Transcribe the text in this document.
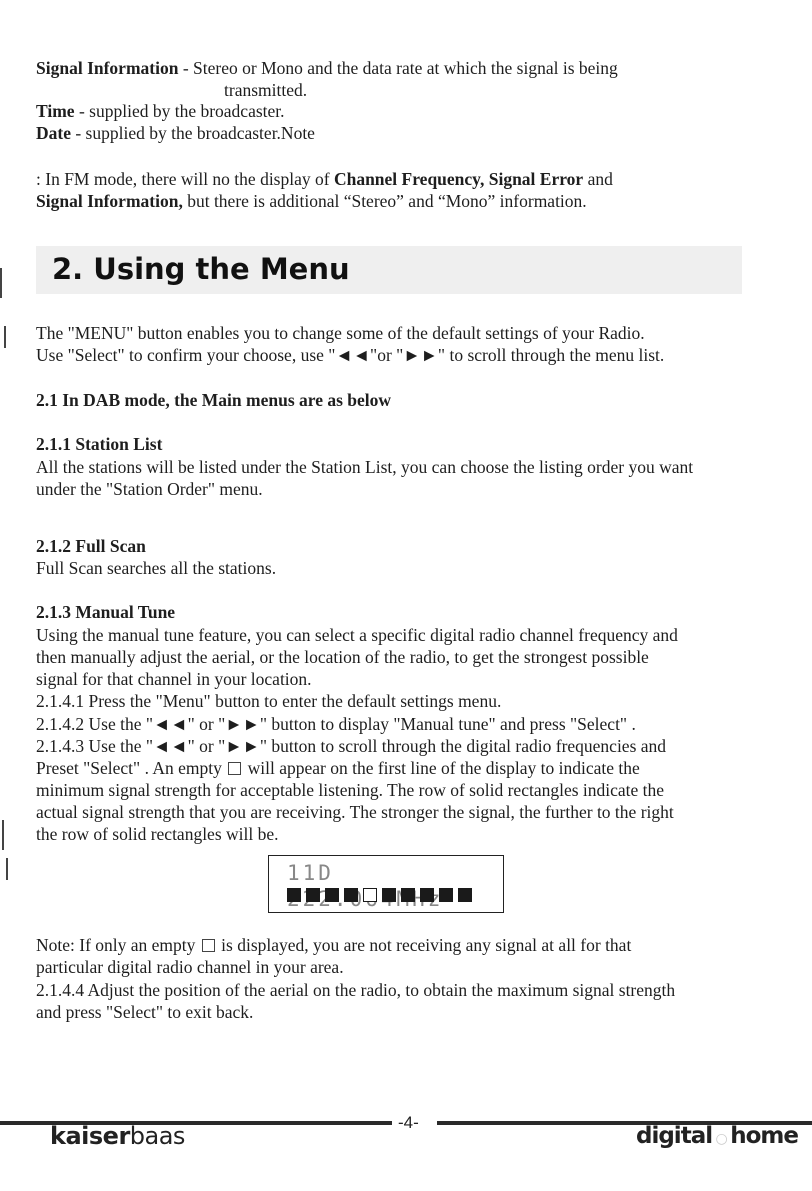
Signal Information - Stereo or Mono and the data rate at which the signal is being
transmitted.
Time - supplied by the broadcaster.
Date - supplied by the broadcaster.Note
: In FM mode, there will no the display of Channel Frequency, Signal Error and
Signal Information, but there is additional “Stereo” and “Mono” information.
2. Using the Menu
The "MENU" button enables you to change some of the default settings of your Radio.
Use "Select" to confirm your choose, use "◄◄"or "►►" to scroll through the menu list.
2.1 In DAB mode, the Main menus are as below
2.1.1 Station List
All the stations will be listed under the Station List, you can choose the listing order you want
under the "Station Order" menu.
2.1.2 Full Scan
Full Scan searches all the stations.
2.1.3 Manual Tune
Using the manual tune feature, you can select a specific digital radio channel frequency and
then manually adjust the aerial, or the location of the radio, to get the strongest possible
signal for that channel in your location.
2.1.4.1 Press the "Menu" button to enter the default settings menu.
2.1.4.2 Use the "◄◄" or "►►" button to display "Manual tune" and press "Select" .
2.1.4.3 Use the "◄◄" or "►►" button to scroll through the digital radio frequencies and
Preset "Select" . An empty will appear on the first line of the display to indicate the
minimum signal strength for acceptable listening. The row of solid rectangles indicate the
actual signal strength that you are receiving. The stronger the signal, the further to the right
the row of solid rectangles will be.
11D
Note: If only an empty is displayed, you are not receiving any signal at all for that
particular digital radio channel in your area.
2.1.4.4 Adjust the position of the aerial on the radio, to obtain the maximum signal strength
and press "Select" to exit back.
-4-
kaiserbaas	digital ○ home
